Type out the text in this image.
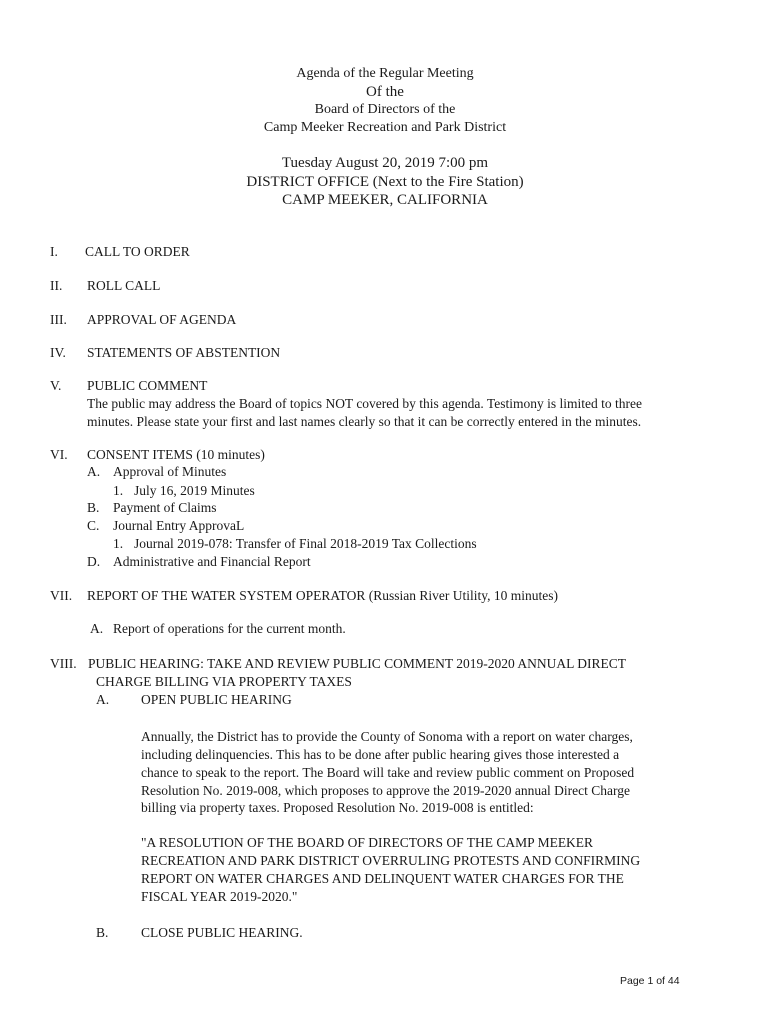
Agenda of the Regular Meeting
Of the
Board of Directors of the
Camp Meeker Recreation and Park District
Tuesday August 20, 2019 7:00 pm
DISTRICT OFFICE (Next to the Fire Station)
CAMP MEEKER, CALIFORNIA
I. CALL TO ORDER
II. ROLL CALL
III. APPROVAL OF AGENDA
IV. STATEMENTS OF ABSTENTION
V. PUBLIC COMMENT
The public may address the Board of topics NOT covered by this agenda. Testimony is limited to three
minutes. Please state your first and last names clearly so that it can be correctly entered in the minutes.
VI. CONSENT ITEMS (10 minutes)
A. Approval of Minutes
1. July 16, 2019 Minutes
B. Payment of Claims
C. Journal Entry ApprovaL
1. Journal 2019-078: Transfer of Final 2018-2019 Tax Collections
D. Administrative and Financial Report
VII. REPORT OF THE WATER SYSTEM OPERATOR (Russian River Utility, 10 minutes)
A. Report of operations for the current month.
VIII. PUBLIC HEARING: TAKE AND REVIEW PUBLIC COMMENT 2019-2020 ANNUAL DIRECT
CHARGE BILLING VIA PROPERTY TAXES
A. OPEN PUBLIC HEARING
Annually, the District has to provide the County of Sonoma with a report on water charges,
including delinquencies. This has to be done after public hearing gives those interested a
chance to speak to the report. The Board will take and review public comment on Proposed
Resolution No. 2019-008, which proposes to approve the 2019-2020 annual Direct Charge
billing via property taxes. Proposed Resolution No. 2019-008 is entitled:
"A RESOLUTION OF THE BOARD OF DIRECTORS OF THE CAMP MEEKER
RECREATION AND PARK DISTRICT OVERRULING PROTESTS AND CONFIRMING
REPORT ON WATER CHARGES AND DELINQUENT WATER CHARGES FOR THE
FISCAL YEAR 2019-2020."
B. CLOSE PUBLIC HEARING.
Page 1 of 44
